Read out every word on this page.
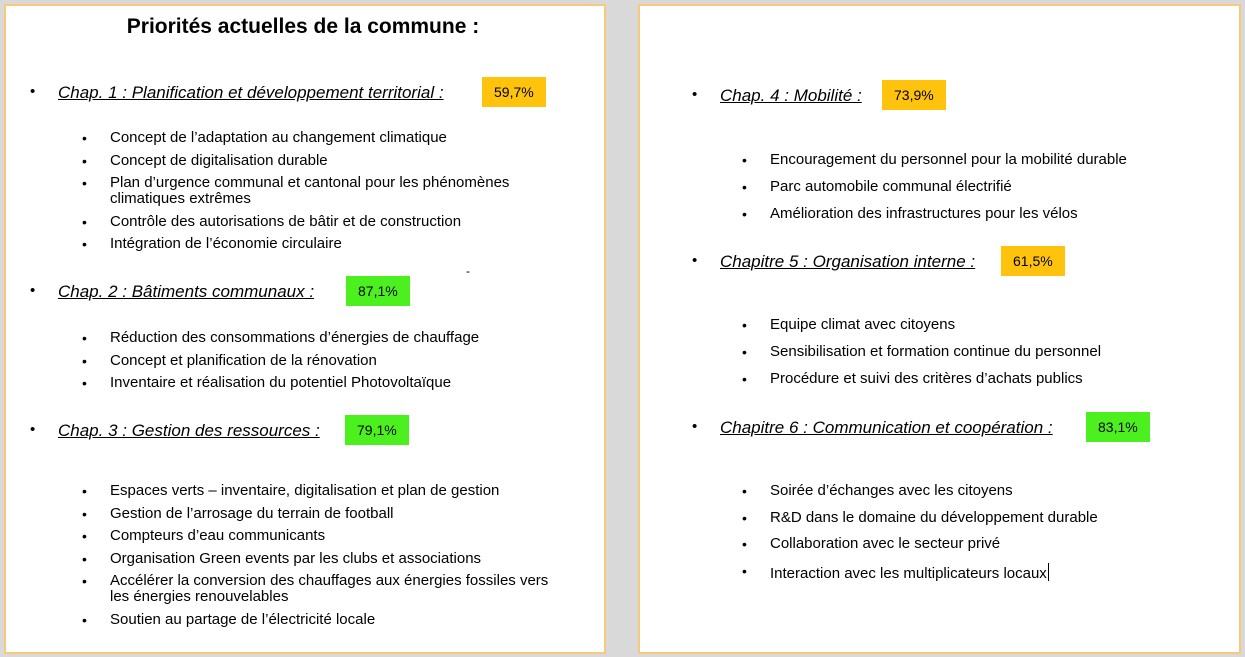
Priorités actuelles de la commune :
• Chap. 1 : Planification et développement territorial :	59,7%
• Concept de l’adaptation au changement climatique
• Concept de digitalisation durable
• Plan d’urgence communal et cantonal pour les phénomènes climatiques extrêmes
• Contrôle des autorisations de bâtir et de construction
• Intégration de l’économie circulaire
-
• Chap. 2 : Bâtiments communaux :	87,1%
• Réduction des consommations d’énergies de chauffage
• Concept et planification de la rénovation
• Inventaire et réalisation du potentiel Photovoltaïque
• Chap. 3 : Gestion des ressources :	79,1%
• Espaces verts – inventaire, digitalisation et plan de gestion
• Gestion de l’arrosage du terrain de football
• Compteurs d’eau communicants
• Organisation Green events par les clubs et associations
• Accélérer la conversion des chauffages aux énergies fossiles vers les énergies renouvelables
• Soutien au partage de l’électricité locale
• Chap. 4 : Mobilité :	73,9%
• Encouragement du personnel pour la mobilité durable
• Parc automobile communal électrifié
• Amélioration des infrastructures pour les vélos
• Chapitre 5 : Organisation interne :	61,5%
• Equipe climat avec citoyens
• Sensibilisation et formation continue du personnel
• Procédure et suivi des critères d’achats publics
• Chapitre 6 : Communication et coopération :	83,1%
• Soirée d’échanges avec les citoyens
• R&D dans le domaine du développement durable
• Collaboration avec le secteur privé
• Interaction avec les multiplicateurs locaux
